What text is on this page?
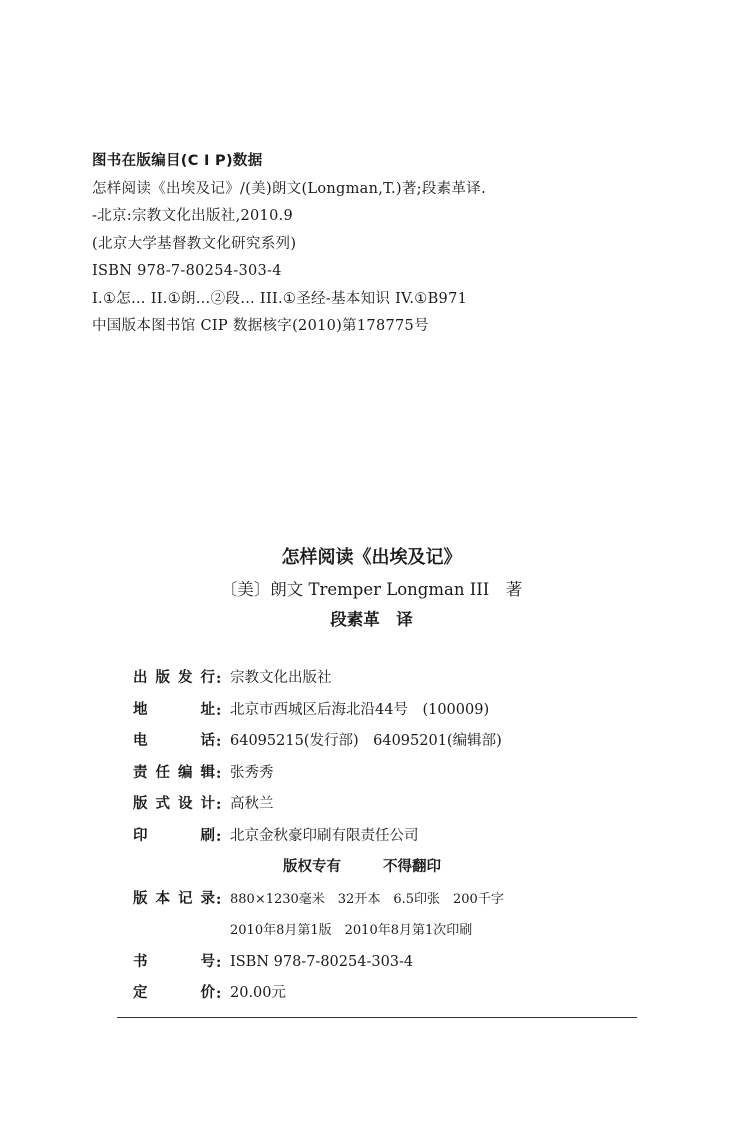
图书在版编目(C I P)数据
怎样阅读《出埃及记》/(美)朗文(Longman,T.)著;段素革译.
-北京:宗教文化出版社,2010.9
(北京大学基督教文化研究系列)
ISBN 978-7-80254-303-4
I.①怎… II.①朗…②段… III.①圣经-基本知识 IV.①B971
中国版本图书馆 CIP 数据核字(2010)第178775号
怎样阅读《出埃及记》
〔美〕朗文 Tremper Longman III　著
段素革　译
出版发行 : 宗教文化出版社
地　　址 : 北京市西城区后海北沿44号　(100009)
电　　话 : 64095215(发行部)　64095201(编辑部)
责任编辑 : 张秀秀
版式设计 : 高秋兰
印　　刷 : 北京金秋豪印刷有限责任公司
版权专有	不得翻印
版本记录 : 880×1230毫米　32开本　6.5印张　200千字
2010年8月第1版　2010年8月第1次印刷
书　　号 : ISBN 978-7-80254-303-4
定　　价 : 20.00元
